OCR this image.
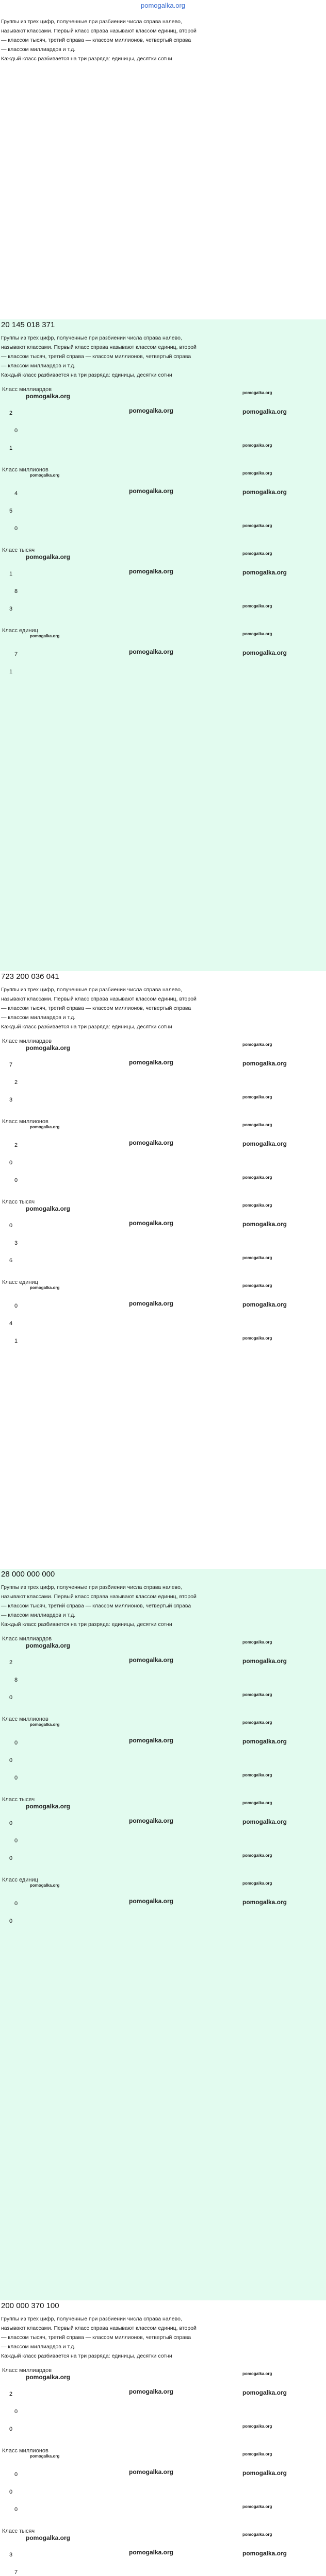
pomogalka.org
20 145 018 371
Группы из трех цифр, полученные при разбиении числа справа налево,
называют классами. Первый класс справа называют классом единиц, второй
— классом тысяч, третий справа — классом миллионов, четвертый справа
— классом миллиардов и т.д.
Каждый класс разбивается на три разряда: единицы, десятки сотни
Класс миллиардов
pomogalka.org
pomogalka.org
pomogalka.org
2	pomogalka.org
0
1	pomogalka.org
Класс миллионов
pomogalka.org
pomogalka.org
pomogalka.org
4	pomogalka.org
5
0	pomogalka.org
Класс тысяч
pomogalka.org
pomogalka.org
pomogalka.org
1	pomogalka.org
8
3	pomogalka.org
Класс единиц
pomogalka.org
pomogalka.org
pomogalka.org
7	pomogalka.org
1
723 200 036 041
Группы из трех цифр, полученные при разбиении числа справа налево,
называют классами. Первый класс справа называют классом единиц, второй
— классом тысяч, третий справа — классом миллионов, четвертый справа
— классом миллиардов и т.д.
Каждый класс разбивается на три разряда: единицы, десятки сотни
Класс миллиардов
pomogalka.org
pomogalka.org
pomogalka.org
7	pomogalka.org
2
3	pomogalka.org
Класс миллионов
pomogalka.org
pomogalka.org
pomogalka.org
2	pomogalka.org
0
0	pomogalka.org
Класс тысяч
pomogalka.org
pomogalka.org
pomogalka.org
0	pomogalka.org
3
6	pomogalka.org
Класс единиц
pomogalka.org
pomogalka.org
pomogalka.org
0	pomogalka.org
4
1	pomogalka.org
28 000 000 000
Группы из трех цифр, полученные при разбиении числа справа налево,
называют классами. Первый класс справа называют классом единиц, второй
— классом тысяч, третий справа — классом миллионов, четвертый справа
— классом миллиардов и т.д.
Каждый класс разбивается на три разряда: единицы, десятки сотни
Класс миллиардов
pomogalka.org
pomogalka.org
pomogalka.org
2	pomogalka.org
8
0	pomogalka.org
Класс миллионов
pomogalka.org
pomogalka.org
pomogalka.org
0	pomogalka.org
0
0	pomogalka.org
Класс тысяч
pomogalka.org
pomogalka.org
pomogalka.org
0	pomogalka.org
0
0	pomogalka.org
Класс единиц
pomogalka.org
pomogalka.org
pomogalka.org
0	pomogalka.org
0
200 000 370 100
Группы из трех цифр, полученные при разбиении числа справа налево,
называют классами. Первый класс справа называют классом единиц, второй
— классом тысяч, третий справа — классом миллионов, четвертый справа
— классом миллиардов и т.д.
Каждый класс разбивается на три разряда: единицы, десятки сотни
Класс миллиардов
pomogalka.org
pomogalka.org
pomogalka.org
2	pomogalka.org
0
0	pomogalka.org
Класс миллионов
pomogalka.org
pomogalka.org
pomogalka.org
0	pomogalka.org
0
0	pomogalka.org
Класс тысяч
pomogalka.org
pomogalka.org
pomogalka.org
3	pomogalka.org
7
Группы из трех цифр, полученные при разбиении числа справа налево,
называют классами. Первый класс справа называют классом единиц, второй
— классом тысяч, третий справа — классом миллионов, четвертый справа
— классом миллиардов и т.д.
Каждый класс разбивается на три разряда: единицы, десятки сотни
